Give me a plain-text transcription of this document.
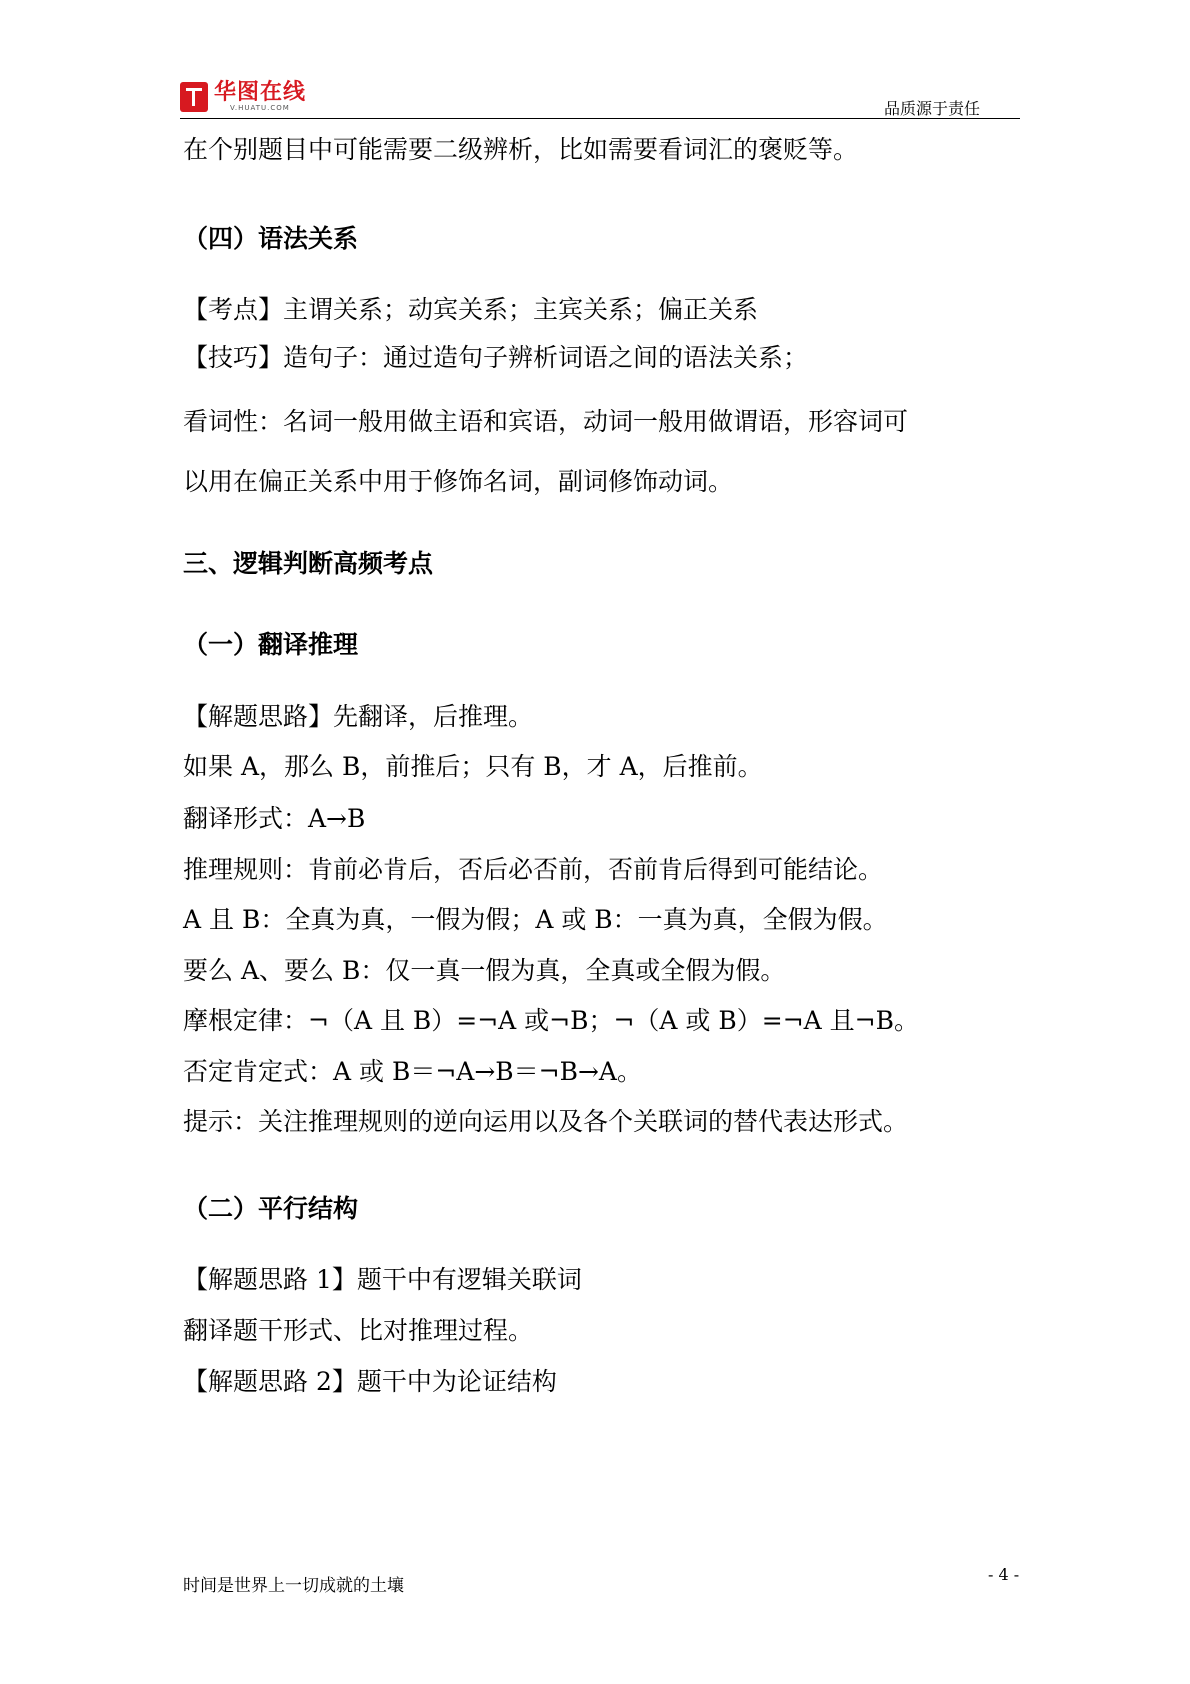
华图在线
V.HUATU.COM	品质源于责任
在个别题目中可能需要二级辨析，比如需要看词汇的褒贬等。
（四）语法关系
【考点】主谓关系；动宾关系；主宾关系；偏正关系
【技巧】造句子：通过造句子辨析词语之间的语法关系；
看词性：名词一般用做主语和宾语，动词一般用做谓语，形容词可
以用在偏正关系中用于修饰名词，副词修饰动词。
三、逻辑判断高频考点
（一）翻译推理
【解题思路】先翻译，后推理。
如果 A，那么 B，前推后；只有 B，才 A，后推前。
翻译形式：A→B
推理规则：肯前必肯后，否后必否前，否前肯后得到可能结论。
A 且 B：全真为真，一假为假；A 或 B：一真为真，全假为假。
要么 A、要么 B：仅一真一假为真，全真或全假为假。
摩根定律：¬（A 且 B）=¬A 或¬B；¬（A 或 B）=¬A 且¬B。
否定肯定式：A 或 B＝¬A→B＝¬B→A。
提示：关注推理规则的逆向运用以及各个关联词的替代表达形式。
（二）平行结构
【解题思路 1】题干中有逻辑关联词
翻译题干形式、比对推理过程。
【解题思路 2】题干中为论证结构
时间是世界上一切成就的土壤
- 4 -
